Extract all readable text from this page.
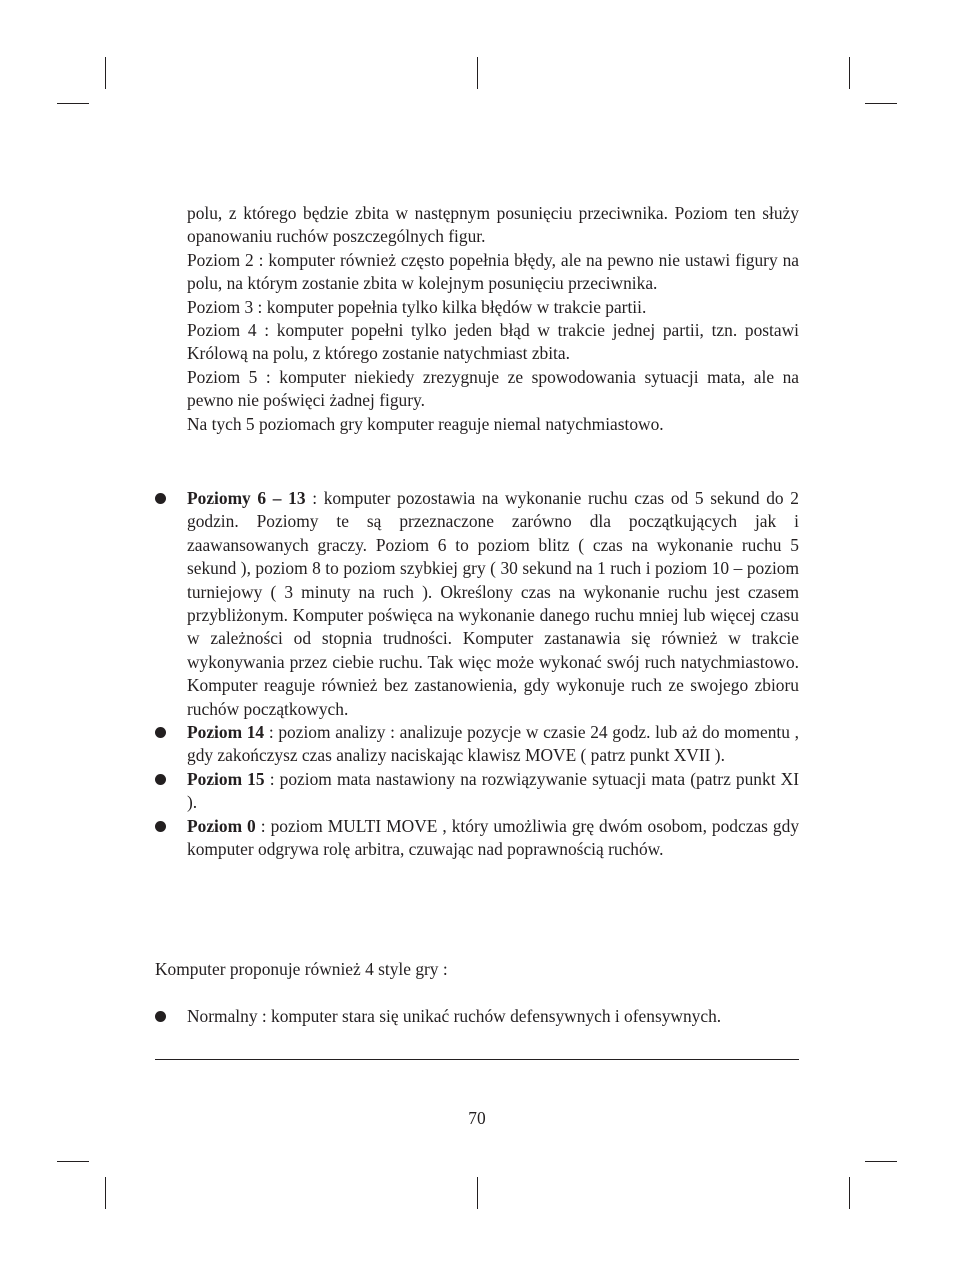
polu, z którego będzie zbita w następnym posunięciu przeciwnika. Poziom ten służy opanowaniu ruchów poszczególnych figur.

Poziom 2 : komputer również często popełnia błędy, ale na pewno nie ustawi figury na polu, na którym zostanie zbita w kolejnym posunięciu przeciwnika.

Poziom 3 : komputer popełnia tylko kilka błędów w trakcie partii.

Poziom 4 : komputer popełni tylko jeden błąd w trakcie jednej partii, tzn. postawi Królową na polu, z którego zostanie natychmiast zbita.

Poziom 5 : komputer niekiedy zrezygnuje ze spowodowania sytuacji mata, ale na pewno nie poświęci żadnej figury.

Na tych 5 poziomach gry komputer reaguje niemal natychmiastowo.

Poziomy 6 – 13 : komputer pozostawia na wykonanie ruchu czas od 5 sekund do 2 godzin. Poziomy te są przeznaczone zarówno dla początkujących jak i zaawansowanych graczy. Poziom 6 to poziom blitz ( czas na wykonanie ruchu 5 sekund ), poziom 8 to poziom szybkiej gry ( 30 sekund na 1 ruch i poziom 10 – poziom turniejowy ( 3 minuty na ruch ). Określony czas na wykonanie ruchu jest czasem przybliżonym. Komputer poświęca na wykonanie danego ruchu mniej lub więcej czasu w zależności od stopnia trudności. Komputer zastanawia się również w trakcie wykonywania przez ciebie ruchu. Tak więc może wykonać swój ruch natychmiastowo. Komputer reaguje również bez zastanowienia, gdy wykonuje ruch ze swojego zbioru ruchów początkowych.
Poziom 14 : poziom analizy : analizuje pozycje w czasie 24 godz. lub aż do momentu , gdy zakończysz czas analizy naciskając klawisz MOVE ( patrz punkt XVII ).
Poziom 15 : poziom mata nastawiony na rozwiązywanie sytuacji mata (patrz punkt XI ).
Poziom 0 : poziom MULTI MOVE , który umożliwia grę dwóm osobom, podczas gdy komputer odgrywa rolę arbitra, czuwając nad poprawnością ruchów.
Komputer proponuje również 4 style gry :
Normalny : komputer stara się unikać ruchów defensywnych i ofensywnych.
70
